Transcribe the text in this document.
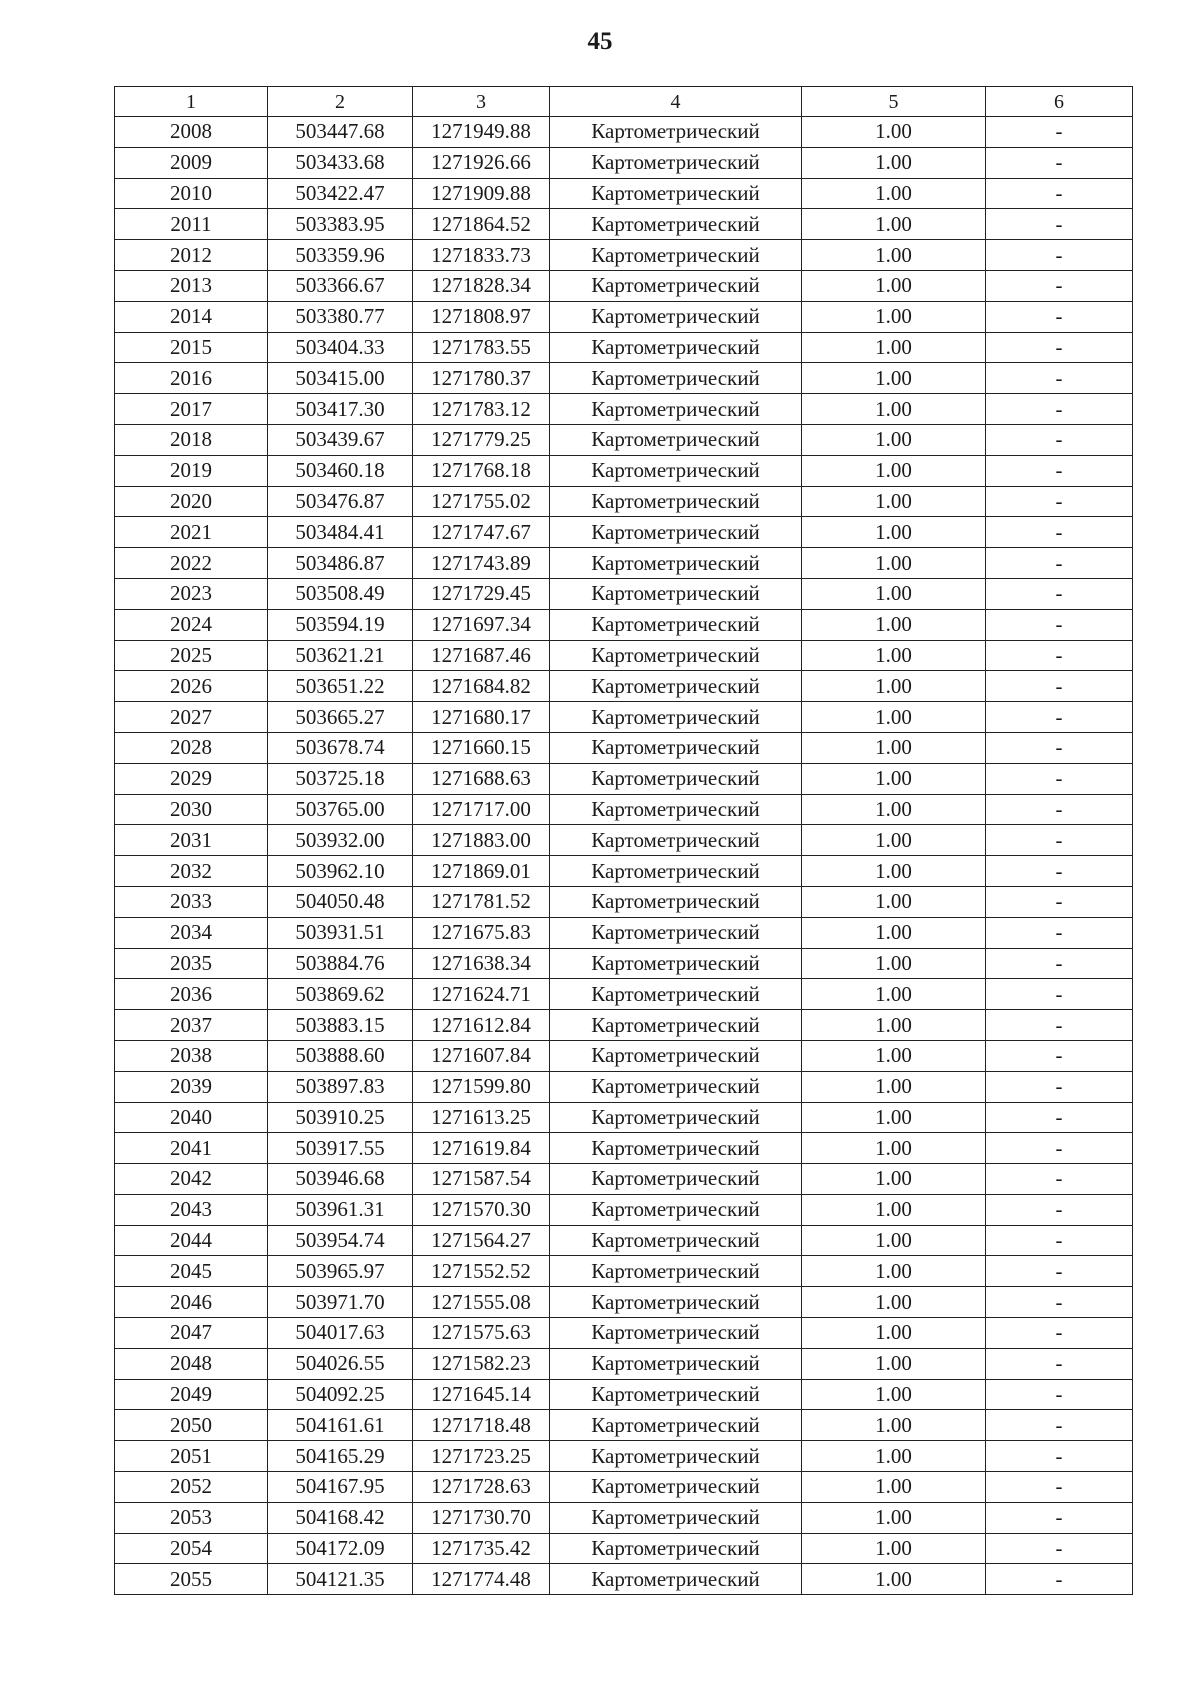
45
1	2	3	4	5	6
2008	503447.68	1271949.88	Картометрический	1.00	-
2009	503433.68	1271926.66	Картометрический	1.00	-
2010	503422.47	1271909.88	Картометрический	1.00	-
2011	503383.95	1271864.52	Картометрический	1.00	-
2012	503359.96	1271833.73	Картометрический	1.00	-
2013	503366.67	1271828.34	Картометрический	1.00	-
2014	503380.77	1271808.97	Картометрический	1.00	-
2015	503404.33	1271783.55	Картометрический	1.00	-
2016	503415.00	1271780.37	Картометрический	1.00	-
2017	503417.30	1271783.12	Картометрический	1.00	-
2018	503439.67	1271779.25	Картометрический	1.00	-
2019	503460.18	1271768.18	Картометрический	1.00	-
2020	503476.87	1271755.02	Картометрический	1.00	-
2021	503484.41	1271747.67	Картометрический	1.00	-
2022	503486.87	1271743.89	Картометрический	1.00	-
2023	503508.49	1271729.45	Картометрический	1.00	-
2024	503594.19	1271697.34	Картометрический	1.00	-
2025	503621.21	1271687.46	Картометрический	1.00	-
2026	503651.22	1271684.82	Картометрический	1.00	-
2027	503665.27	1271680.17	Картометрический	1.00	-
2028	503678.74	1271660.15	Картометрический	1.00	-
2029	503725.18	1271688.63	Картометрический	1.00	-
2030	503765.00	1271717.00	Картометрический	1.00	-
2031	503932.00	1271883.00	Картометрический	1.00	-
2032	503962.10	1271869.01	Картометрический	1.00	-
2033	504050.48	1271781.52	Картометрический	1.00	-
2034	503931.51	1271675.83	Картометрический	1.00	-
2035	503884.76	1271638.34	Картометрический	1.00	-
2036	503869.62	1271624.71	Картометрический	1.00	-
2037	503883.15	1271612.84	Картометрический	1.00	-
2038	503888.60	1271607.84	Картометрический	1.00	-
2039	503897.83	1271599.80	Картометрический	1.00	-
2040	503910.25	1271613.25	Картометрический	1.00	-
2041	503917.55	1271619.84	Картометрический	1.00	-
2042	503946.68	1271587.54	Картометрический	1.00	-
2043	503961.31	1271570.30	Картометрический	1.00	-
2044	503954.74	1271564.27	Картометрический	1.00	-
2045	503965.97	1271552.52	Картометрический	1.00	-
2046	503971.70	1271555.08	Картометрический	1.00	-
2047	504017.63	1271575.63	Картометрический	1.00	-
2048	504026.55	1271582.23	Картометрический	1.00	-
2049	504092.25	1271645.14	Картометрический	1.00	-
2050	504161.61	1271718.48	Картометрический	1.00	-
2051	504165.29	1271723.25	Картометрический	1.00	-
2052	504167.95	1271728.63	Картометрический	1.00	-
2053	504168.42	1271730.70	Картометрический	1.00	-
2054	504172.09	1271735.42	Картометрический	1.00	-
2055	504121.35	1271774.48	Картометрический	1.00	-
